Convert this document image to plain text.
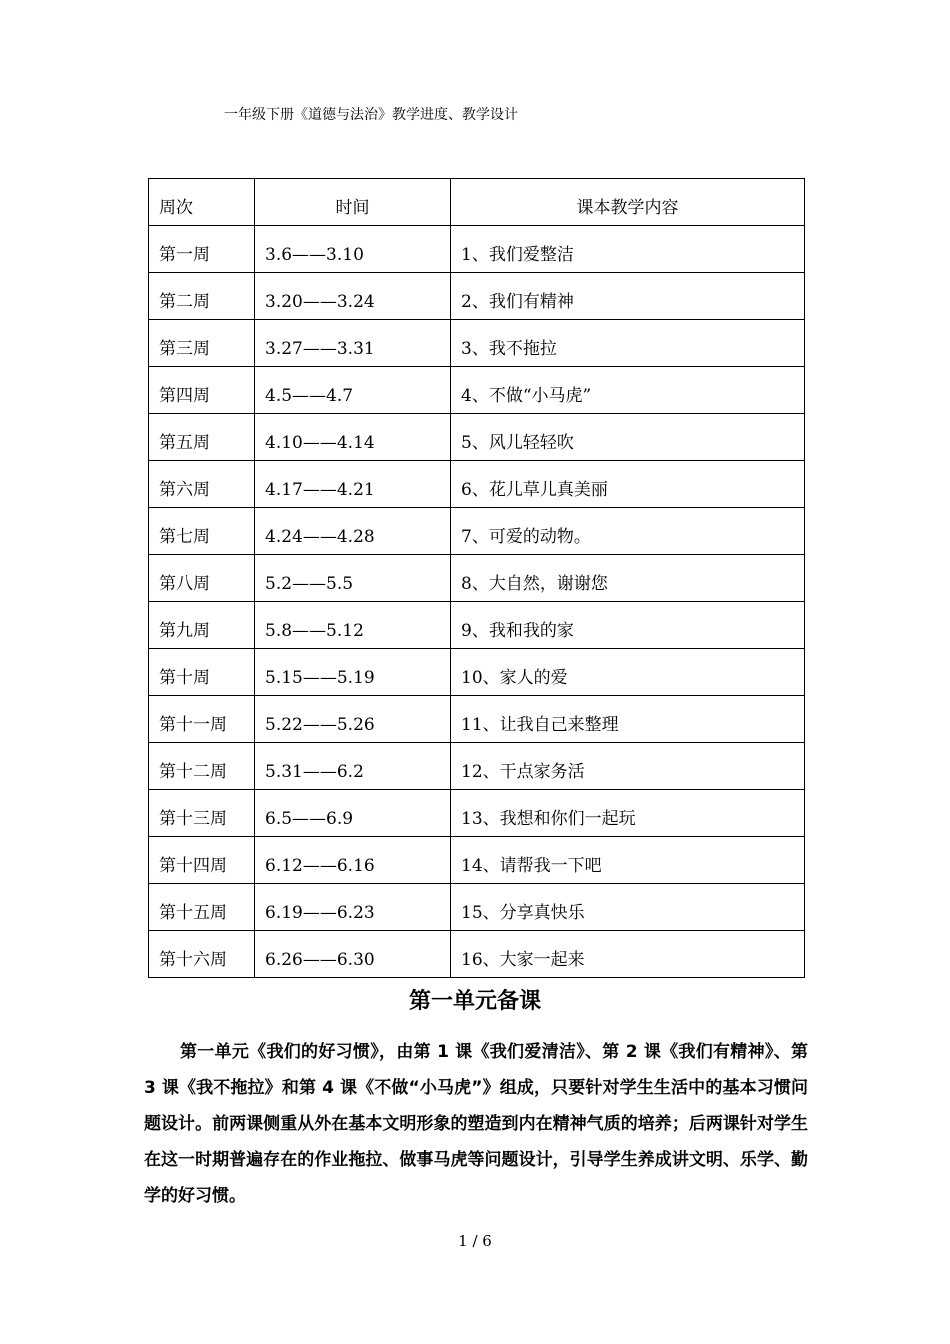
一年级下册《道德与法治》教学进度、教学设计
周次	时间	课本教学内容
第一周	3.6——3.10	1、我们爱整洁
第二周	3.20——3.24	2、我们有精神
第三周	3.27——3.31	3、我不拖拉
第四周	4.5——4.7	4、不做“小马虎”
第五周	4.10——4.14	5、风儿轻轻吹
第六周	4.17——4.21	6、花儿草儿真美丽
第七周	4.24——4.28	7、可爱的动物。
第八周	5.2——5.5	8、大自然，谢谢您
第九周	5.8——5.12	9、我和我的家
第十周	5.15——5.19	10、家人的爱
第十一周	5.22——5.26	11、让我自己来整理
第十二周	5.31——6.2	12、干点家务活
第十三周	6.5——6.9	13、我想和你们一起玩
第十四周	6.12——6.16	14、请帮我一下吧
第十五周	6.19——6.23	15、分享真快乐
第十六周	6.26——6.30	16、大家一起来
第一单元备课

第一单元《我们的好习惯》，由第 1 课《我们爱清洁》、第 2 课《我们有精神》、第 3 课《我不拖拉》和第 4 课《不做“小马虎”》组成，只要针对学生生活中的基本习惯问题设计。前两课侧重从外在基本文明形象的塑造到内在精神气质的培养；后两课针对学生在这一时期普遍存在的作业拖拉、做事马虎等问题设计，引导学生养成讲文明、乐学、勤学的好习惯。

1 / 6
